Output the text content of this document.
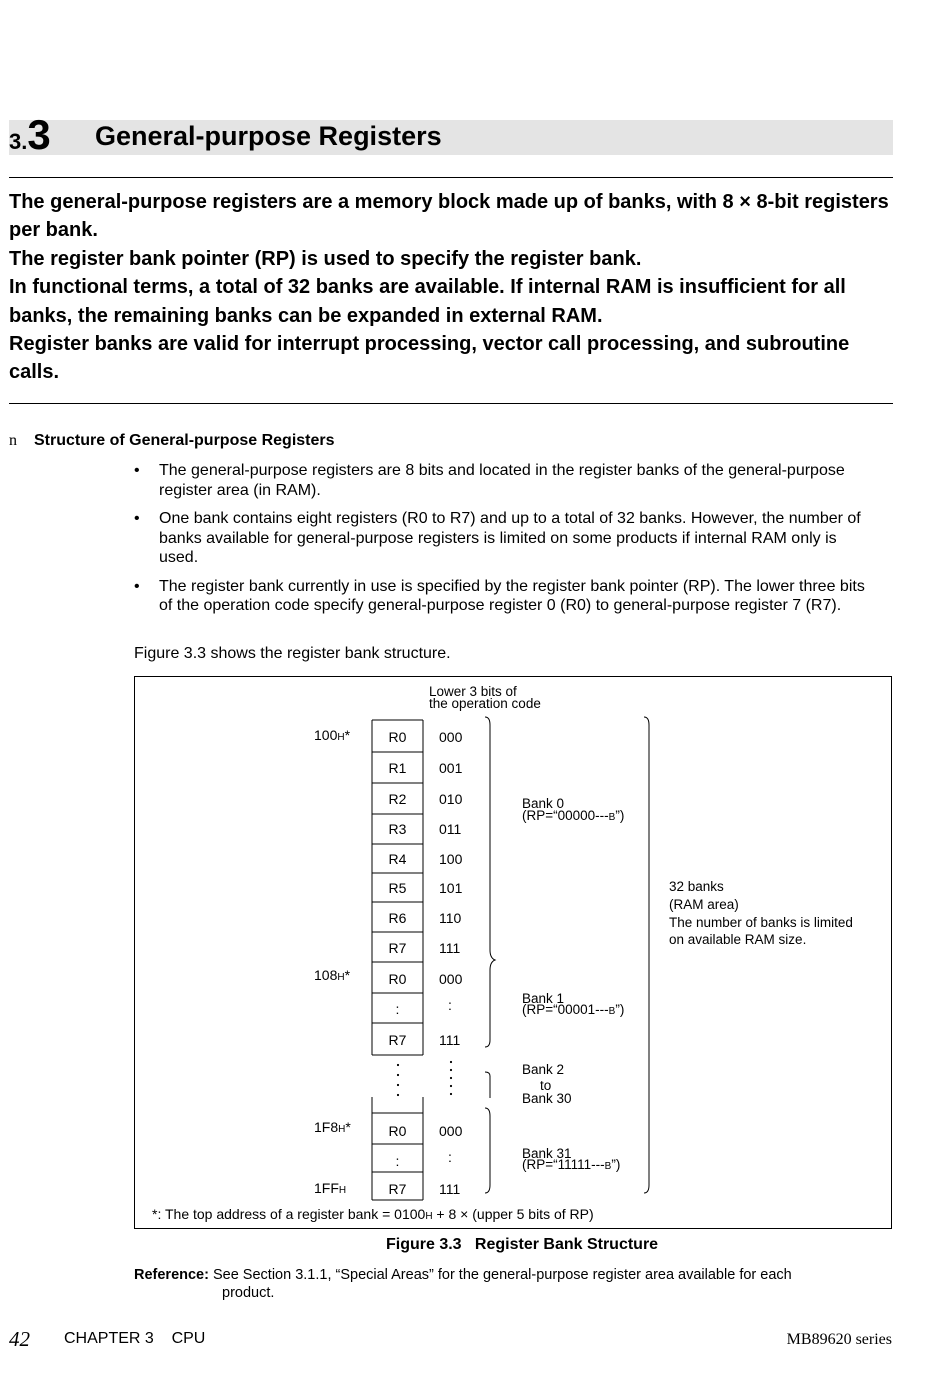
3.3 General-purpose Registers

The general-purpose registers are a memory block made up of banks, with 8 × 8-bit registers per bank.

The register bank pointer (RP) is used to specify the register bank.

In functional terms, a total of 32 banks are available. If internal RAM is insufficient for all banks, the remaining banks can be expanded in external RAM.

Register banks are valid for interrupt processing, vector call processing, and subroutine calls.

n Structure of General-purpose Registers
• The general-purpose registers are 8 bits and located in the register banks of the general-purpose register area (in RAM).
• One bank contains eight registers (R0 to R7) and up to a total of 32 banks. However, the number of banks available for general-purpose registers is limited on some products if internal RAM only is used.
• The register bank currently in use is specified by the register bank pointer (RP). The lower three bits of the operation code specify general-purpose register 0 (R0) to general-purpose register 7 (R7).
Figure 3.3 shows the register bank structure.
Lower 3 bits of
the operation code
100H*
108H*
1F8H*
1FFH
R0
R1
R2
R3
R4
R5
R6
R7
000
001
010
011
100
101
110
111
R0
:
R7
000
:
111
R0
:
R7
000
:
111
Bank 0
(RP=“00000---B”)
Bank 1
(RP=“00001---B”)
Bank 2
to
Bank 30
Bank 31
(RP=“11111---B”)
32 banks
(RAM area)
The number of banks is limited
on available RAM size.
*: The top address of a register bank = 0100H + 8 × (upper 5 bits of RP)
Figure 3.3   Register Bank Structure
Reference: See Section 3.1.1, “Special Areas” for the general-purpose register area available for each
product.
42 CHAPTER 3    CPU	MB89620 series
